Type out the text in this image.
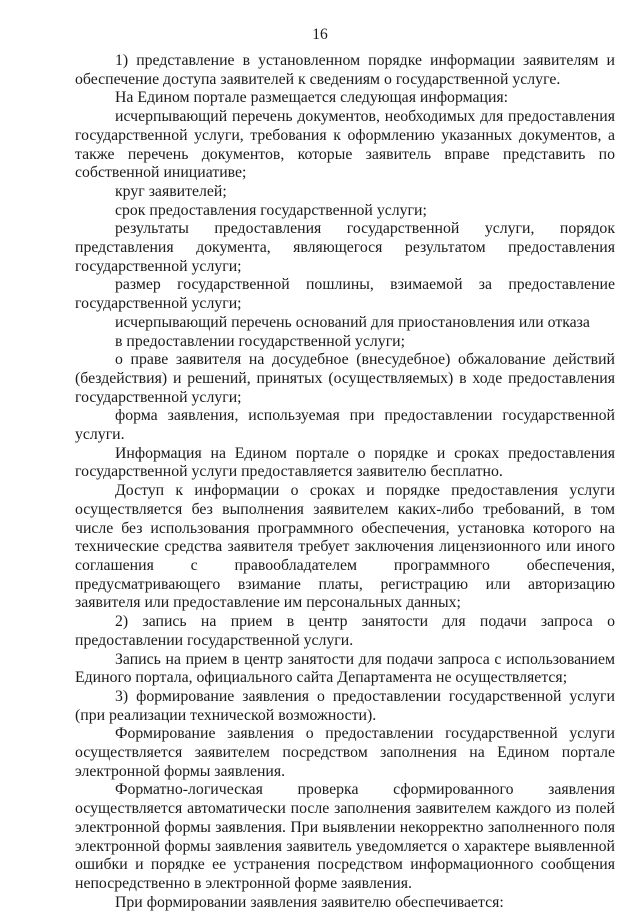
16

1) представление в установленном порядке информации заявителям и обеспечение доступа заявителей к сведениям о государственной услуге.

На Едином портале размещается следующая информация:

исчерпывающий перечень документов, необходимых для предоставления государственной услуги, требования к оформлению указанных документов, а также перечень документов, которые заявитель вправе представить по собственной инициативе;

круг заявителей;

срок предоставления государственной услуги;

результаты предоставления государственной услуги, порядок представления документа, являющегося результатом предоставления государственной услуги;

размер государственной пошлины, взимаемой за предоставление государственной услуги;

исчерпывающий перечень оснований для приостановления или отказа

в предоставлении государственной услуги;

о праве заявителя на досудебное (внесудебное) обжалование действий (бездействия) и решений, принятых (осуществляемых) в ходе предоставления государственной услуги;

форма заявления, используемая при предоставлении государственной услуги.

Информация на Едином портале о порядке и сроках предоставления государственной услуги предоставляется заявителю бесплатно.

Доступ к информации о сроках и порядке предоставления услуги осуществляется без выполнения заявителем каких-либо требований, в том числе без использования программного обеспечения, установка которого на технические средства заявителя требует заключения лицензионного или иного соглашения с правообладателем программного обеспечения, предусматривающего взимание платы, регистрацию или авторизацию заявителя или предоставление им персональных данных;

2) запись на прием в центр занятости для подачи запроса о предоставлении государственной услуги.

Запись на прием в центр занятости для подачи запроса с использованием Единого портала, официального сайта Департамента не осуществляется;

3) формирование заявления о предоставлении государственной услуги (при реализации технической возможности).

Формирование заявления о предоставлении государственной услуги осуществляется заявителем посредством заполнения на Едином портале электронной формы заявления.

Форматно-логическая проверка сформированного заявления осуществляется автоматически после заполнения заявителем каждого из полей электронной формы заявления. При выявлении некорректно заполненного поля электронной формы заявления заявитель уведомляется о характере выявленной ошибки и порядке ее устранения посредством информационного сообщения непосредственно в электронной форме заявления.

При формировании заявления заявителю обеспечивается:
